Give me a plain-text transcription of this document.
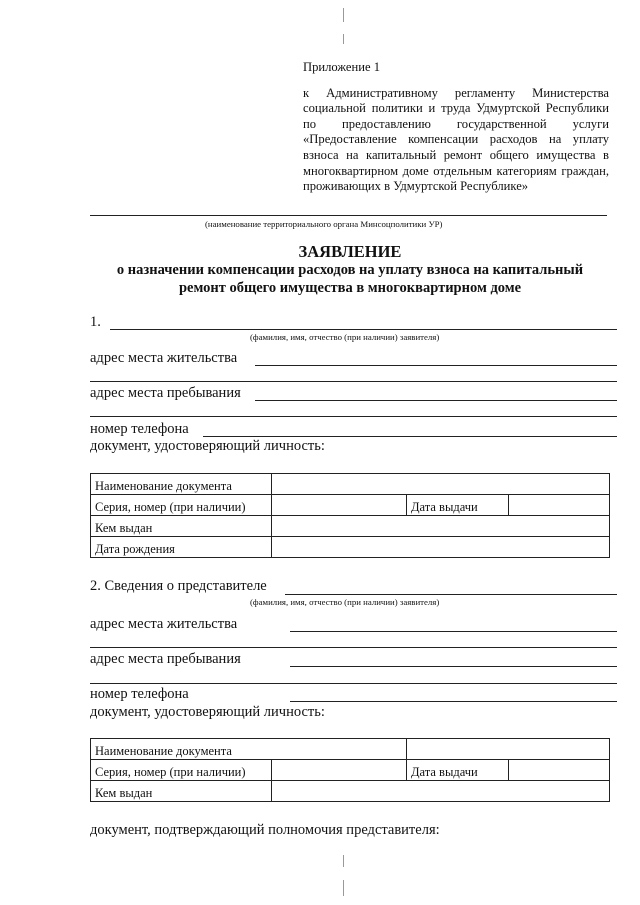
Приложение 1
к Административному регламенту Министерства социальной политики и труда Удмуртской Республики по предоставлению государственной услуги «Предоставление компенсации расходов на уплату взноса на капитальный ремонт общего имущества в многоквартирном доме отдельным категориям граждан, проживающих в Удмуртской Республике»
(наименование территориального органа Минсоцполитики УР)
ЗАЯВЛЕНИЕ
о назначении компенсации расходов на уплату взноса на капитальный
ремонт общего имущества в многоквартирном доме
1.
(фамилия, имя, отчество (при наличии) заявителя)
адрес места жительства
адрес места пребывания
номер телефона
документ, удостоверяющий личность:
Наименование документа			
Серия, номер (при наличии)		Дата выдачи	
Кем выдан			
Дата рождения			
2. Сведения о представителе
(фамилия, имя, отчество (при наличии) заявителя)
адрес места жительства
адрес места пребывания
номер телефона
документ, удостоверяющий личность:
Наименование документа			
Серия, номер (при наличии)		Дата выдачи	
Кем выдан			
документ, подтверждающий полномочия представителя:
